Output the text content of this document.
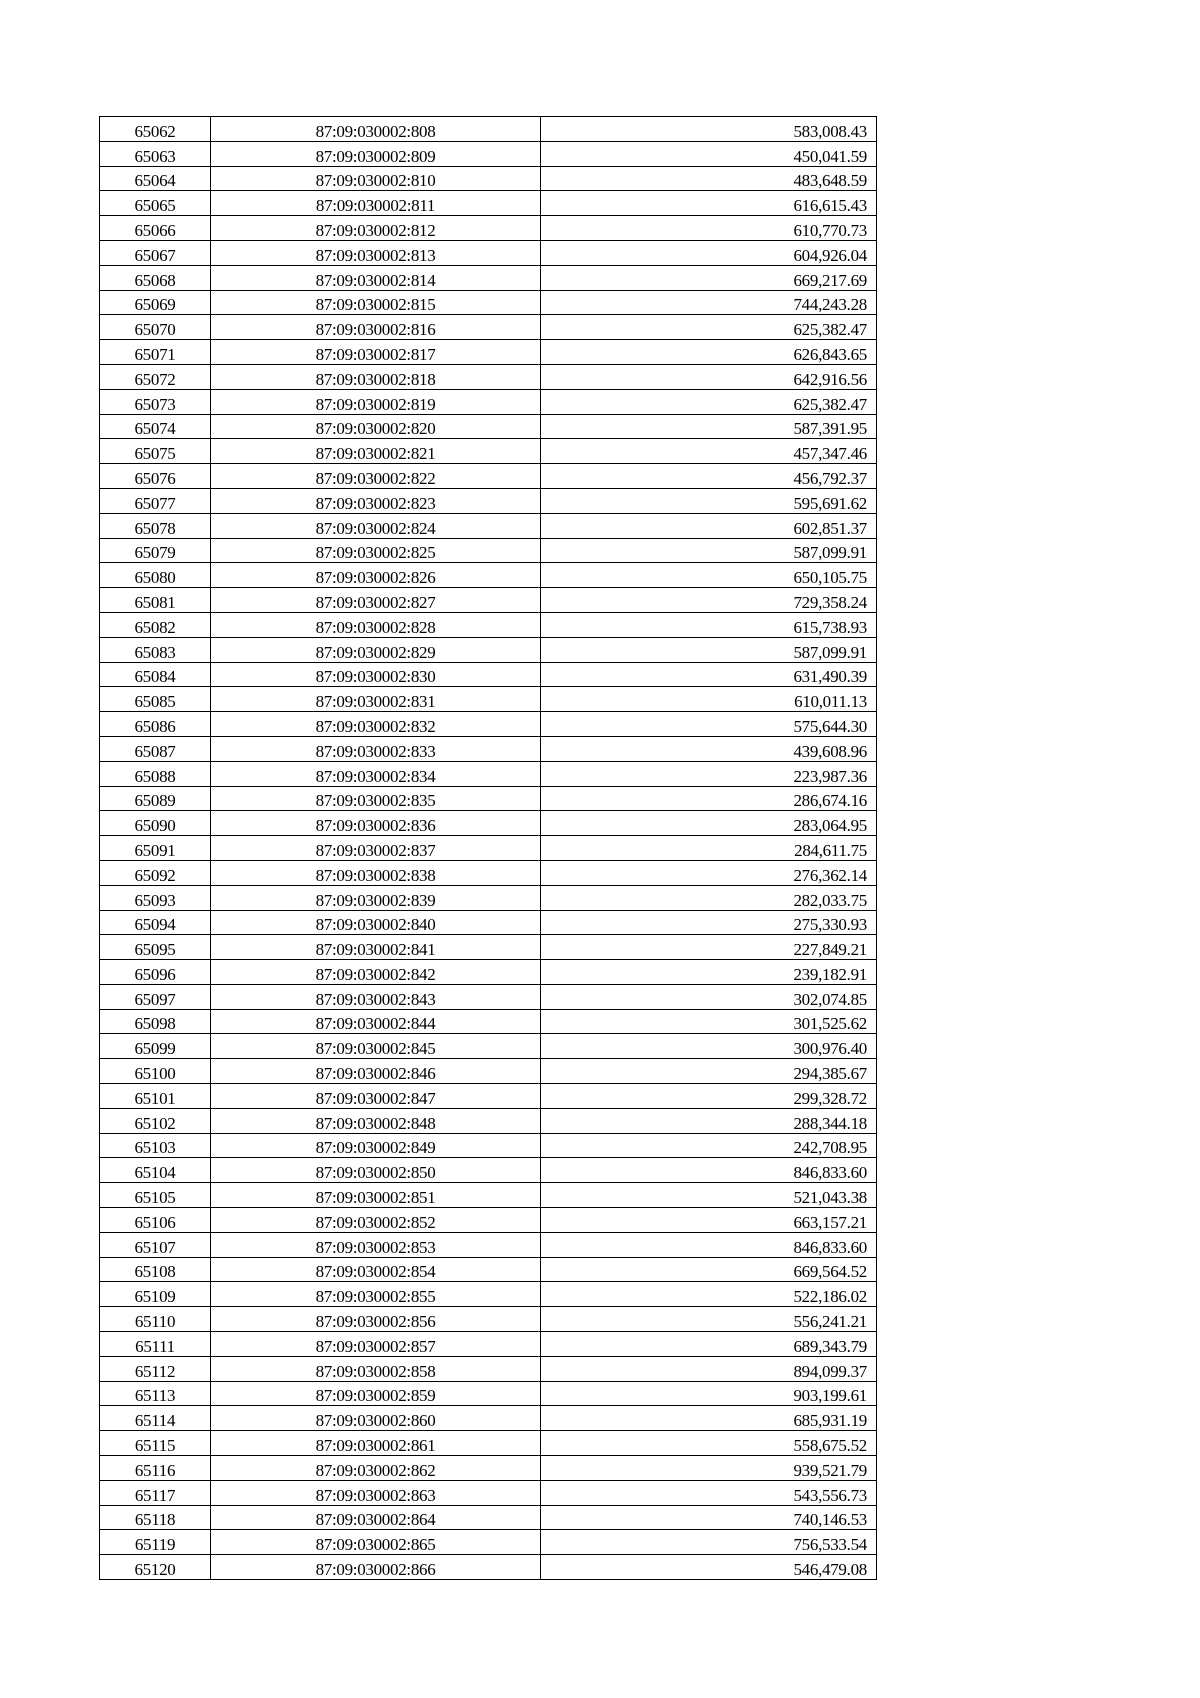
65062	87:09:030002:808	583,008.43
65063	87:09:030002:809	450,041.59
65064	87:09:030002:810	483,648.59
65065	87:09:030002:811	616,615.43
65066	87:09:030002:812	610,770.73
65067	87:09:030002:813	604,926.04
65068	87:09:030002:814	669,217.69
65069	87:09:030002:815	744,243.28
65070	87:09:030002:816	625,382.47
65071	87:09:030002:817	626,843.65
65072	87:09:030002:818	642,916.56
65073	87:09:030002:819	625,382.47
65074	87:09:030002:820	587,391.95
65075	87:09:030002:821	457,347.46
65076	87:09:030002:822	456,792.37
65077	87:09:030002:823	595,691.62
65078	87:09:030002:824	602,851.37
65079	87:09:030002:825	587,099.91
65080	87:09:030002:826	650,105.75
65081	87:09:030002:827	729,358.24
65082	87:09:030002:828	615,738.93
65083	87:09:030002:829	587,099.91
65084	87:09:030002:830	631,490.39
65085	87:09:030002:831	610,011.13
65086	87:09:030002:832	575,644.30
65087	87:09:030002:833	439,608.96
65088	87:09:030002:834	223,987.36
65089	87:09:030002:835	286,674.16
65090	87:09:030002:836	283,064.95
65091	87:09:030002:837	284,611.75
65092	87:09:030002:838	276,362.14
65093	87:09:030002:839	282,033.75
65094	87:09:030002:840	275,330.93
65095	87:09:030002:841	227,849.21
65096	87:09:030002:842	239,182.91
65097	87:09:030002:843	302,074.85
65098	87:09:030002:844	301,525.62
65099	87:09:030002:845	300,976.40
65100	87:09:030002:846	294,385.67
65101	87:09:030002:847	299,328.72
65102	87:09:030002:848	288,344.18
65103	87:09:030002:849	242,708.95
65104	87:09:030002:850	846,833.60
65105	87:09:030002:851	521,043.38
65106	87:09:030002:852	663,157.21
65107	87:09:030002:853	846,833.60
65108	87:09:030002:854	669,564.52
65109	87:09:030002:855	522,186.02
65110	87:09:030002:856	556,241.21
65111	87:09:030002:857	689,343.79
65112	87:09:030002:858	894,099.37
65113	87:09:030002:859	903,199.61
65114	87:09:030002:860	685,931.19
65115	87:09:030002:861	558,675.52
65116	87:09:030002:862	939,521.79
65117	87:09:030002:863	543,556.73
65118	87:09:030002:864	740,146.53
65119	87:09:030002:865	756,533.54
65120	87:09:030002:866	546,479.08
